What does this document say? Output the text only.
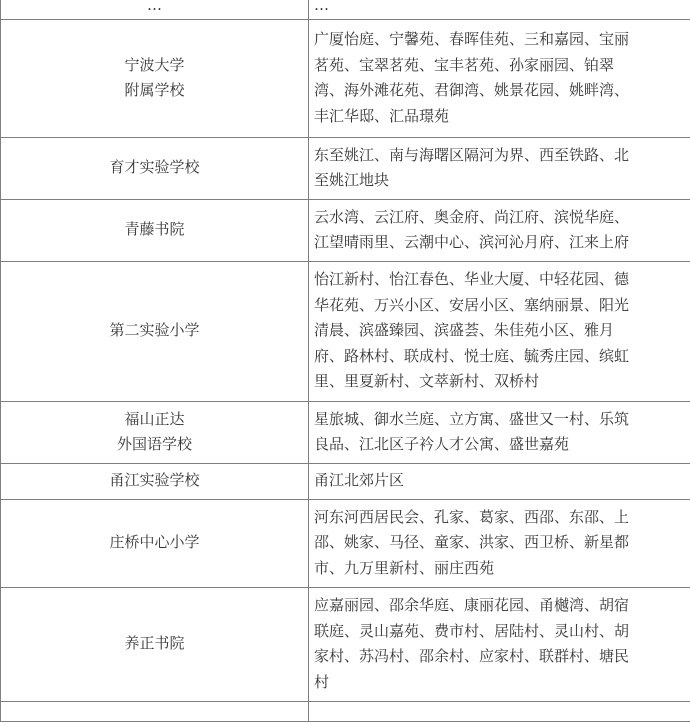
…	…

宁波大学
附属学校	广厦怡庭、宁馨苑、春晖佳苑、三和嘉园、宝丽
茗苑、宝翠茗苑、宝丰茗苑、孙家丽园、铂翠
湾、海外滩花苑、君御湾、姚景花园、姚畔湾、
丰汇华邸、汇品璟苑

育才实验学校	东至姚江、南与海曙区隔河为界、西至铁路、北
至姚江地块

青藤书院	云水湾、云江府、奥金府、尚江府、滨悦华庭、
江望晴雨里、云潮中心、滨河沁月府、江来上府

第二实验小学	怡江新村、怡江春色、华业大厦、中轻花园、德
华花苑、万兴小区、安居小区、塞纳丽景、阳光
清晨、滨盛臻园、滨盛荟、朱佳苑小区、雅月
府、路林村、联成村、悦士庭、毓秀庄园、缤虹
里、里夏新村、文萃新村、双桥村

福山正达
外国语学校	星旅城、御水兰庭、立方寓、盛世又一村、乐筑
良品、江北区子衿人才公寓、盛世嘉苑

甬江实验学校	甬江北郊片区

庄桥中心小学	河东河西居民会、孔家、葛家、西邵、东邵、上
邵、姚家、马径、童家、洪家、西卫桥、新星都
市、九万里新村、丽庄西苑

养正书院	应嘉丽园、邵余华庭、康丽花园、甬樾湾、胡宿
联庭、灵山嘉苑、费市村、居陆村、灵山村、胡
家村、苏冯村、邵余村、应家村、联群村、塘民
村
